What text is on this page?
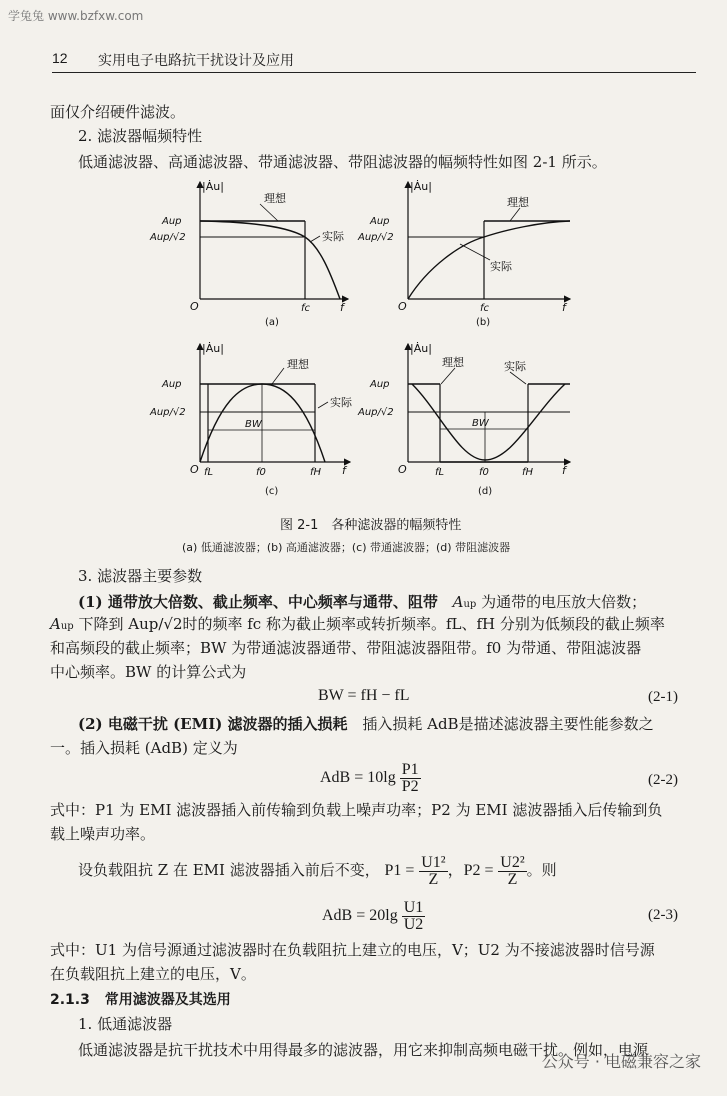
学兔兔 www.bzfxw.com
12 实用电子电路抗干扰设计及应用
面仅介绍硬件滤波。
2. 滤波器幅频特性
低通滤波器、高通滤波器、带通滤波器、带阻滤波器的幅频特性如图 2-1 所示。
|Ȧu|
Aup
Aup/√2
理想
实际
O	fc	f
(a)
|Ȧu|
Aup
Aup/√2
理想
实际
O	fc	f
(b)
|Ȧu|
Aup
Aup/√2
理想
实际
BW
O fL	f0	fH f
(c)
|Ȧu|
Aup
Aup/√2
理想	实际
BW
O	fL	f0	fH	f
(d)
图 2-1　各种滤波器的幅频特性
(a) 低通滤波器；(b) 高通滤波器；(c) 带通滤波器；(d) 带阻滤波器
3. 滤波器主要参数
(1) 通带放大倍数、截止频率、中心频率与通带、阻带 Aup 为通带的电压放大倍数；
Aup 下降到 Aup/√2时的频率 fc 称为截止频率或转折频率。fL、fH 分别为低频段的截止频率
和高频段的截止频率；BW 为带通滤波器通带、带阻滤波器阻带。f0 为带通、带阻滤波器
中心频率。BW 的计算公式为
BW = fH − fL	(2-1)
(2) 电磁干扰 (EMI) 滤波器的插入损耗 插入损耗 AdB是描述滤波器主要性能参数之
一。插入损耗 (AdB) 定义为
AdB = $10\lg \frac{P1}{P2}$	(2-2)
式中：P1 为 EMI 滤波器插入前传输到负载上噪声功率；P2 为 EMI 滤波器插入后传输到负
载上噪声功率。
设负载阻抗 Z 在 EMI 滤波器插入前后不变， $P1 = \frac{\text{U1²}}{Z}$ ，$P2 = \frac{\text{U2²}}{Z}$ 。则
AdB = $20\lg \frac{U1}{U2}$	(2-3)
式中：U1 为信号源通过滤波器时在负载阻抗上建立的电压，V；U2 为不接滤波器时信号源
在负载阻抗上建立的电压，V。
2.1.3 常用滤波器及其选用
1. 低通滤波器
低通滤波器是抗干扰技术中用得最多的滤波器，用它来抑制高频电磁干扰。例如，电源
公众号 · 电磁兼容之家
